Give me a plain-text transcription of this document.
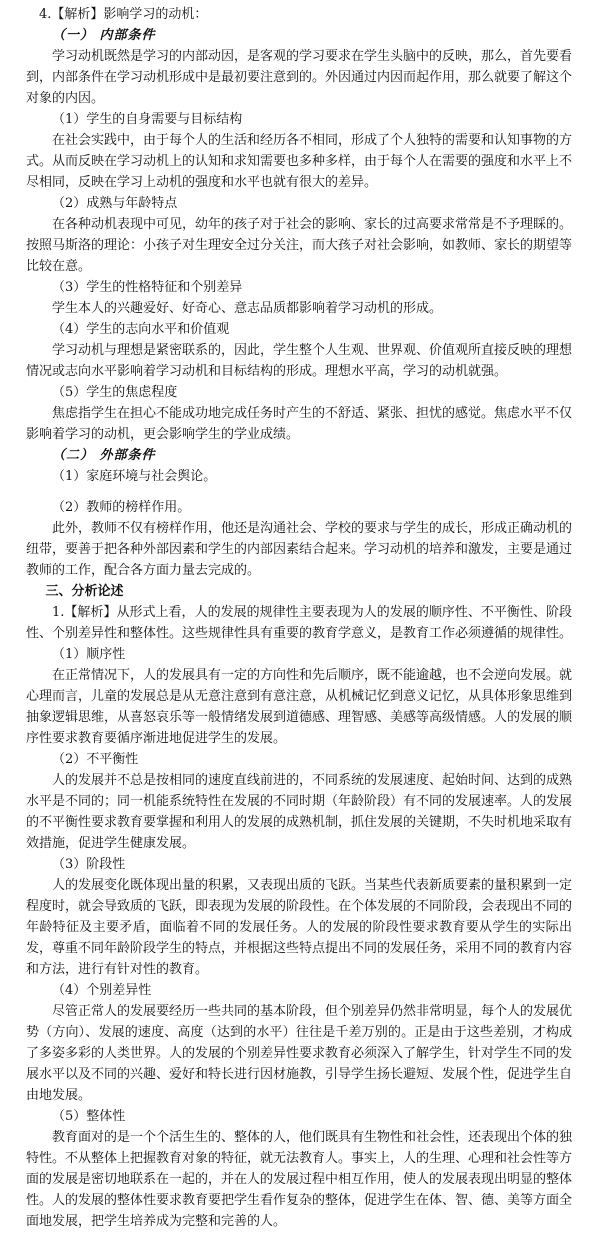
4.【解析】影响学习的动机：

（一） 内部条件

学习动机既然是学习的内部动因，是客观的学习要求在学生头脑中的反映，那么，首先要看到，内部条件在学习动机形成中是最初要注意到的。外因通过内因而起作用，那么就要了解这个对象的内因。

（1）学生的自身需要与目标结构

在社会实践中，由于每个人的生活和经历各不相同，形成了个人独特的需要和认知事物的方式。从而反映在学习动机上的认知和求知需要也多种多样，由于每个人在需要的强度和水平上不尽相同，反映在学习上动机的强度和水平也就有很大的差异。

（2）成熟与年龄特点

在各种动机表现中可见，幼年的孩子对于社会的影响、家长的过高要求常常是不予理睬的。按照马斯洛的理论：小孩子对生理安全过分关注，而大孩子对社会影响，如教师、家长的期望等比较在意。

（3）学生的性格特征和个别差异

学生本人的兴趣爱好、好奇心、意志品质都影响着学习动机的形成。

（4）学生的志向水平和价值观

学习动机与理想是紧密联系的，因此，学生整个人生观、世界观、价值观所直接反映的理想情况或志向水平影响着学习动机和目标结构的形成。理想水平高，学习的动机就强。

（5）学生的焦虑程度

焦虑指学生在担心不能成功地完成任务时产生的不舒适、紧张、担忧的感觉。焦虑水平不仅影响着学习的动机，更会影响学生的学业成绩。

（二） 外部条件

（1）家庭环境与社会舆论。

（2）教师的榜样作用。

此外，教师不仅有榜样作用，他还是沟通社会、学校的要求与学生的成长，形成正确动机的纽带，要善于把各种外部因素和学生的内部因素结合起来。学习动机的培养和激发，主要是通过教师的工作，配合各方面力量去完成的。

三、分析论述

1.【解析】从形式上看，人的发展的规律性主要表现为人的发展的顺序性、不平衡性、阶段性、个别差异性和整体性。这些规律性具有重要的教育学意义，是教育工作必须遵循的规律性。

（1）顺序性

在正常情况下，人的发展具有一定的方向性和先后顺序，既不能逾越，也不会逆向发展。就心理而言，儿童的发展总是从无意注意到有意注意，从机械记忆到意义记忆，从具体形象思维到抽象逻辑思维，从喜怒哀乐等一般情绪发展到道德感、理智感、美感等高级情感。人的发展的顺序性要求教育要循序渐进地促进学生的发展。

（2）不平衡性

人的发展并不总是按相同的速度直线前进的，不同系统的发展速度、起始时间、达到的成熟水平是不同的；同一机能系统特性在发展的不同时期（年龄阶段）有不同的发展速率。人的发展的不平衡性要求教育要掌握和利用人的发展的成熟机制，抓住发展的关键期，不失时机地采取有效措施，促进学生健康发展。

（3）阶段性

人的发展变化既体现出量的积累，又表现出质的飞跃。当某些代表新质要素的量积累到一定程度时，就会导致质的飞跃，即表现为发展的阶段性。在个体发展的不同阶段，会表现出不同的年龄特征及主要矛盾，面临着不同的发展任务。人的发展的阶段性要求教育要从学生的实际出发，尊重不同年龄阶段学生的特点，并根据这些特点提出不同的发展任务，采用不同的教育内容和方法，进行有针对性的教育。

（4）个别差异性

尽管正常人的发展要经历一些共同的基本阶段，但个别差异仍然非常明显，每个人的发展优势（方向）、发展的速度、高度（达到的水平）往往是千差万别的。正是由于这些差别，才构成了多姿多彩的人类世界。人的发展的个别差异性要求教育必须深入了解学生，针对学生不同的发展水平以及不同的兴趣、爱好和特长进行因材施教，引导学生扬长避短、发展个性，促进学生自由地发展。

（5）整体性

教育面对的是一个个活生生的、整体的人，他们既具有生物性和社会性，还表现出个体的独特性。不从整体上把握教育对象的特征，就无法教育人。事实上，人的生理、心理和社会性等方面的发展是密切地联系在一起的，并在人的发展过程中相互作用，使人的发展表现出明显的整体性。人的发展的整体性要求教育要把学生看作复杂的整体，促进学生在体、智、德、美等方面全面地发展，把学生培养成为完整和完善的人。
